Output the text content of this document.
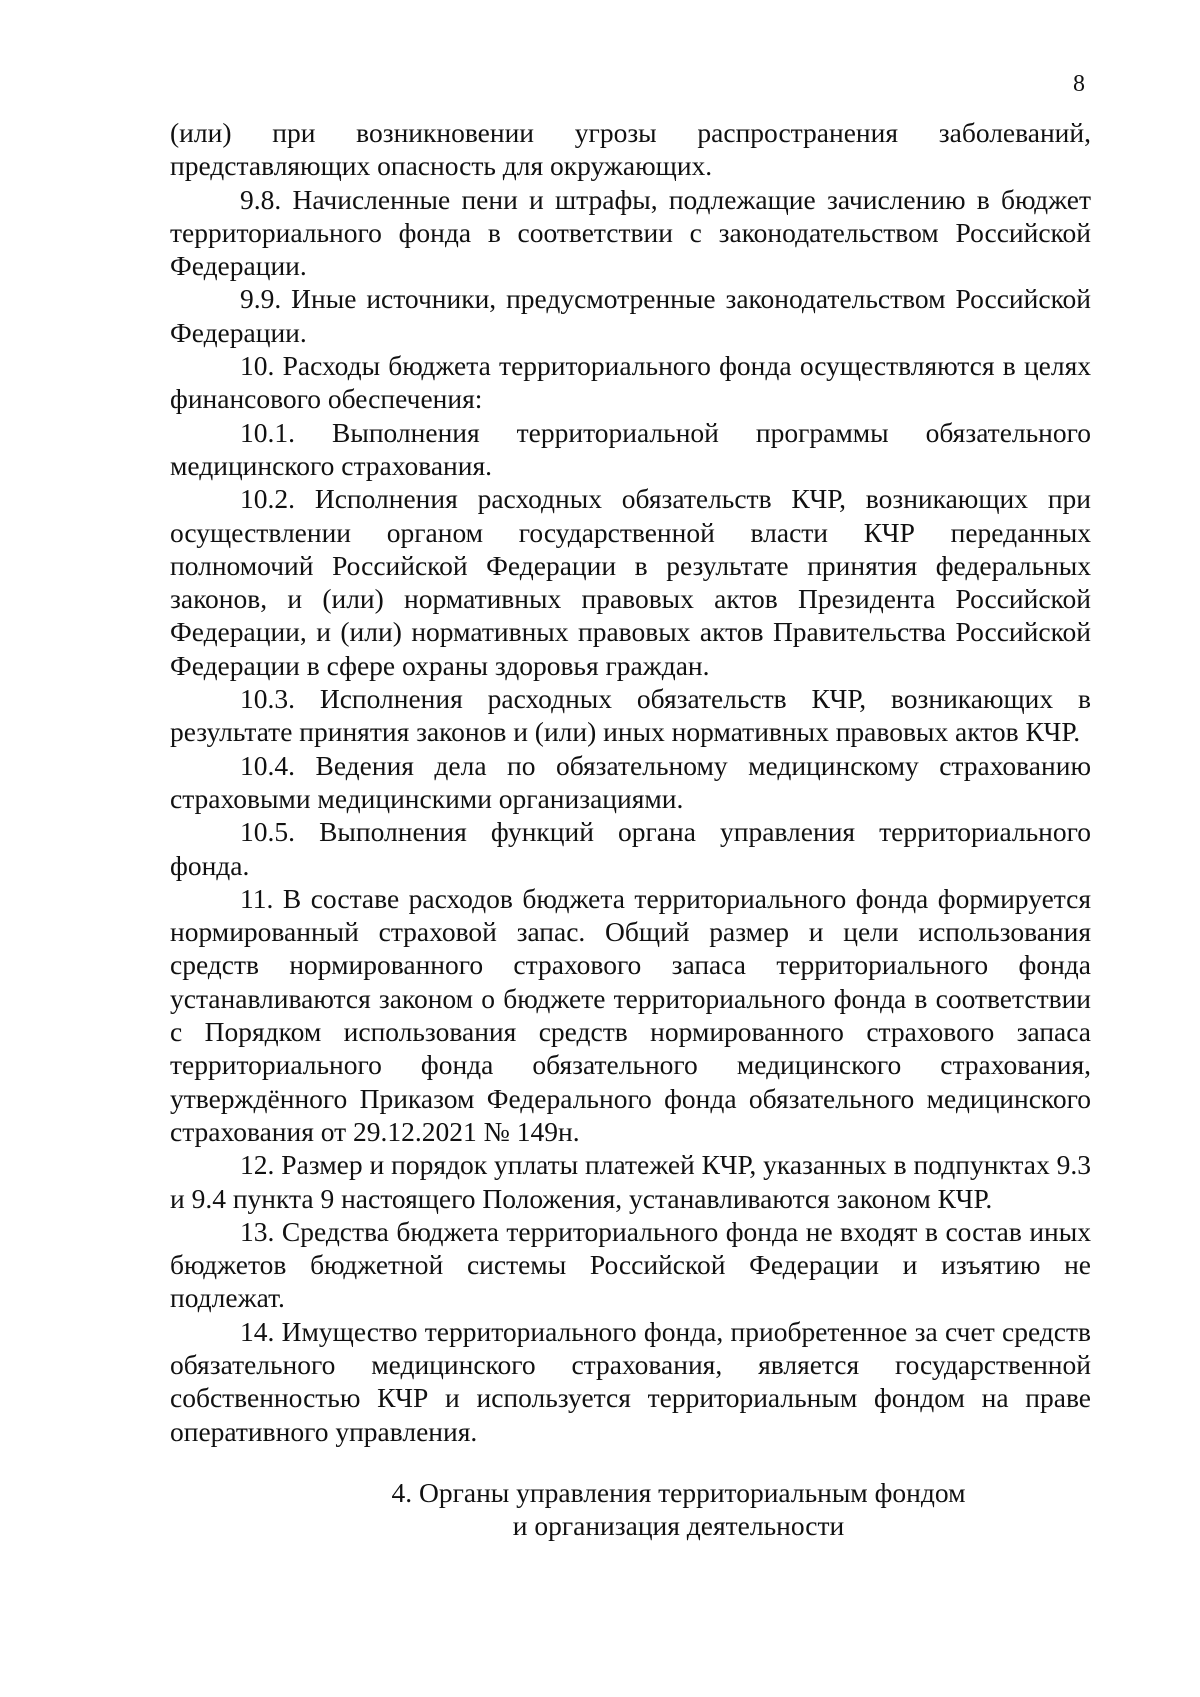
8

(или) при возникновении угрозы распространения заболеваний, представляющих опасность для окружающих.

9.8. Начисленные пени и штрафы, подлежащие зачислению в бюджет территориального фонда в соответствии с законодательством Российской Федерации.

9.9. Иные источники, предусмотренные законодательством Российской Федерации.

10. Расходы бюджета территориального фонда осуществляются в целях финансового обеспечения:

10.1. Выполнения территориальной программы обязательного медицинского страхования.

10.2. Исполнения расходных обязательств КЧР, возникающих при осуществлении органом государственной власти КЧР переданных полномочий Российской Федерации в результате принятия федеральных законов, и (или) нормативных правовых актов Президента Российской Федерации, и (или) нормативных правовых актов Правительства Российской Федерации в сфере охраны здоровья граждан.

10.3. Исполнения расходных обязательств КЧР, возникающих в результате принятия законов и (или) иных нормативных правовых актов КЧР.

10.4. Ведения дела по обязательному медицинскому страхованию страховыми медицинскими организациями.

10.5. Выполнения функций органа управления территориального фонда.

11. В составе расходов бюджета территориального фонда формируется нормированный страховой запас. Общий размер и цели использования средств нормированного страхового запаса территориального фонда устанавливаются законом о бюджете территориального фонда в соответствии с Порядком использования средств нормированного страхового запаса территориального фонда обязательного медицинского страхования, утверждённого Приказом Федерального фонда обязательного медицинского страхования от 29.12.2021 № 149н.

12. Размер и порядок уплаты платежей КЧР, указанных в подпунктах 9.3 и 9.4 пункта 9 настоящего Положения, устанавливаются законом КЧР.

13. Средства бюджета территориального фонда не входят в состав иных бюджетов бюджетной системы Российской Федерации и изъятию не подлежат.

14. Имущество территориального фонда, приобретенное за счет средств обязательного медицинского страхования, является государственной собственностью КЧР и используется территориальным фондом на праве оперативного управления.

4. Органы управления территориальным фондом
и организация деятельности
